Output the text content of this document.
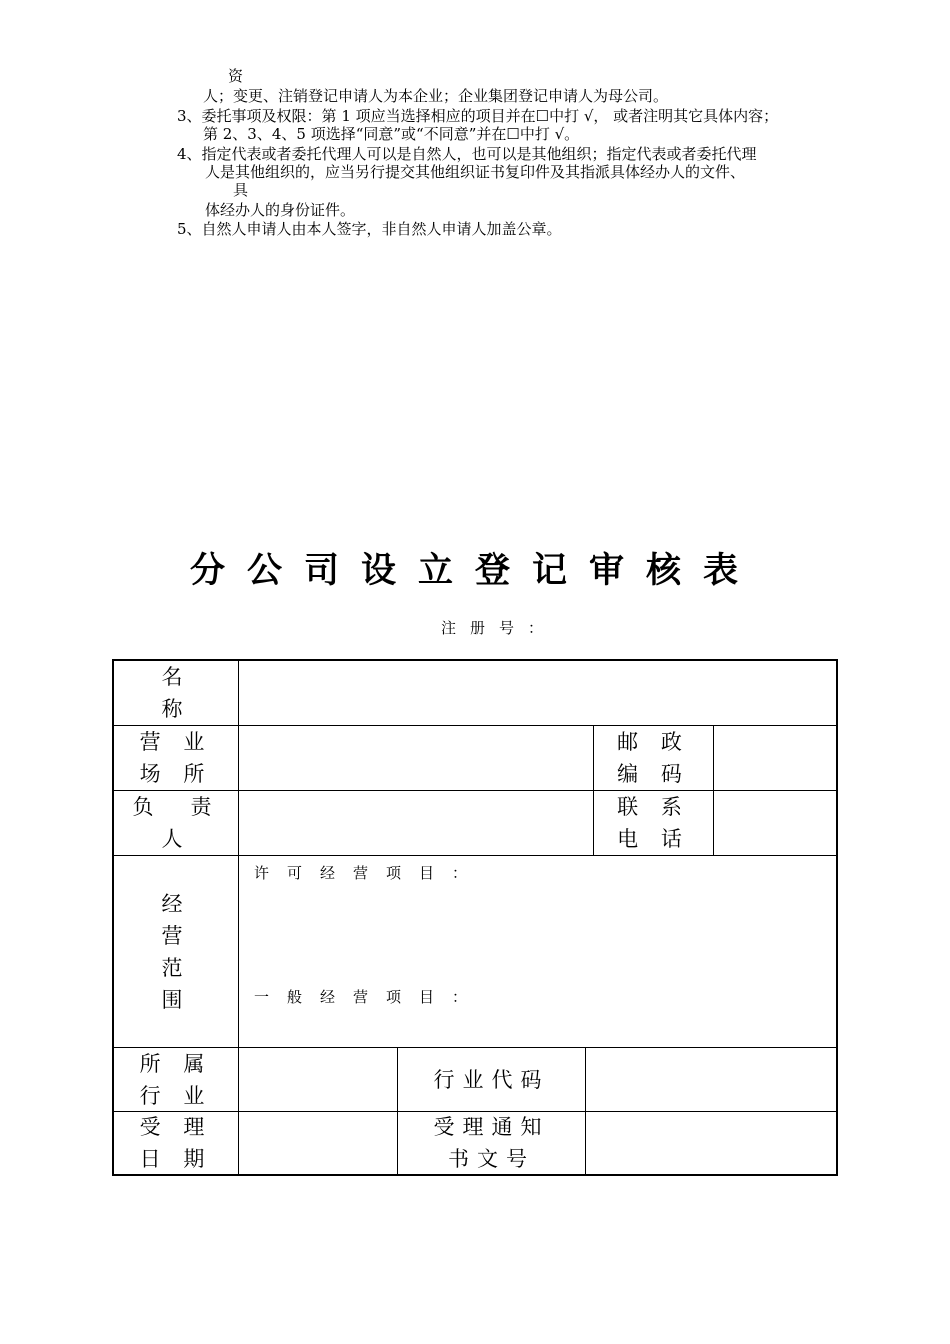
资
人；变更、注销登记申请人为本企业；企业集团登记申请人为母公司。
3、委托事项及权限：第 1 项应当选择相应的项目并在☐中打 √， 或者注明其它具体内容；
第 2、3、4、5 项选择“同意”或“不同意”并在☐中打 √。
4、指定代表或者委托代理人可以是自然人，也可以是其他组织；指定代表或者委托代理
人是其他组织的，应当另行提交其他组织证书复印件及其指派具体经办人的文件、
具
体经办人的身份证件。
5、自然人申请人由本人签字，非自然人申请人加盖公章。
分公司设立登记审核表
注册号：
名
称
营 业
场 所
邮 政
编 码
负　责
人
联 系
电 话
经
营
范
围
许可经营项目：
一般经营项目：
所 属
行 业
行业代码
受 理
日 期
受理通知
书文号
